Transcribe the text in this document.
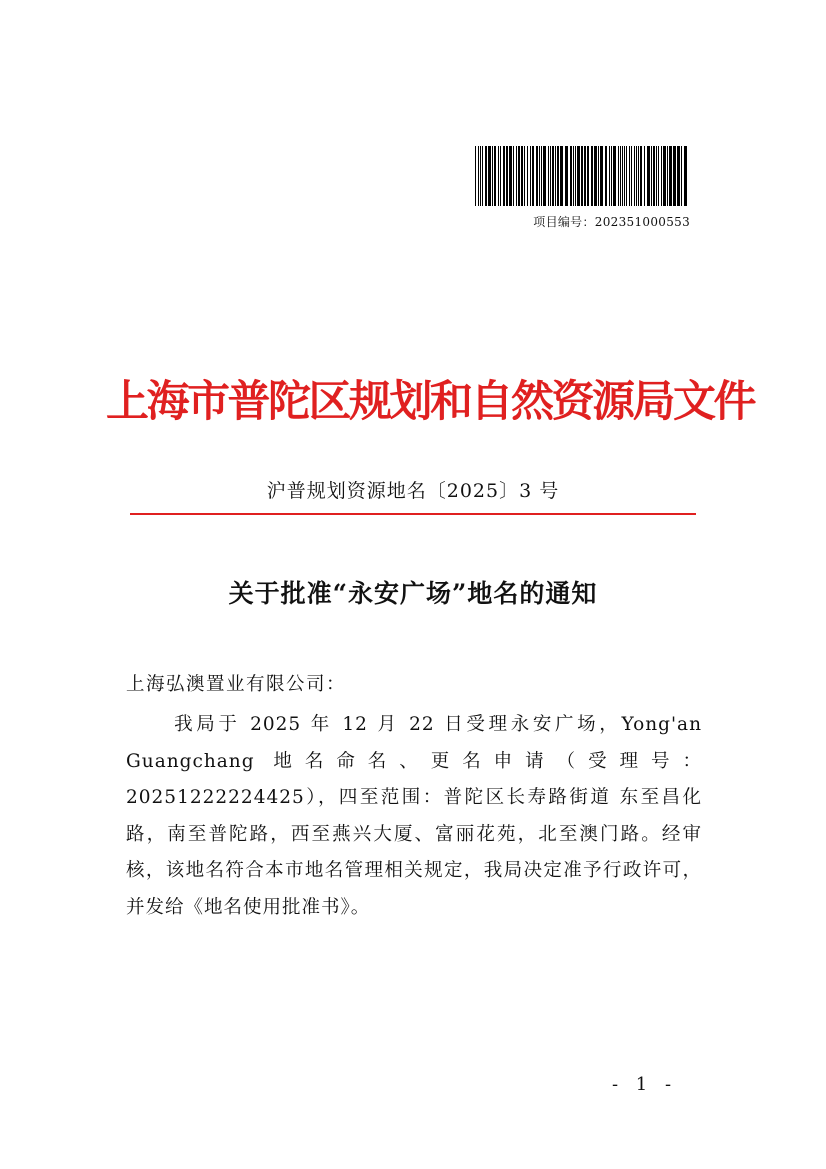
项目编号：202351000553
上海市普陀区规划和自然资源局文件
沪普规划资源地名〔2025〕3 号
关于批准“永安广场”地名的通知
上海弘澳置业有限公司：
我局于 2025 年 12 月 22 日受理永安广场，Yong'an Guangchang 地名命名、更名申请（受理号：20251222224425），四至范围：普陀区长寿路街道 东至昌化路，南至普陀路，西至燕兴大厦、富丽花苑，北至澳门路。经审核，该地名符合本市地名管理相关规定，我局决定准予行政许可，并发给《地名使用批准书》。
- 1 -
